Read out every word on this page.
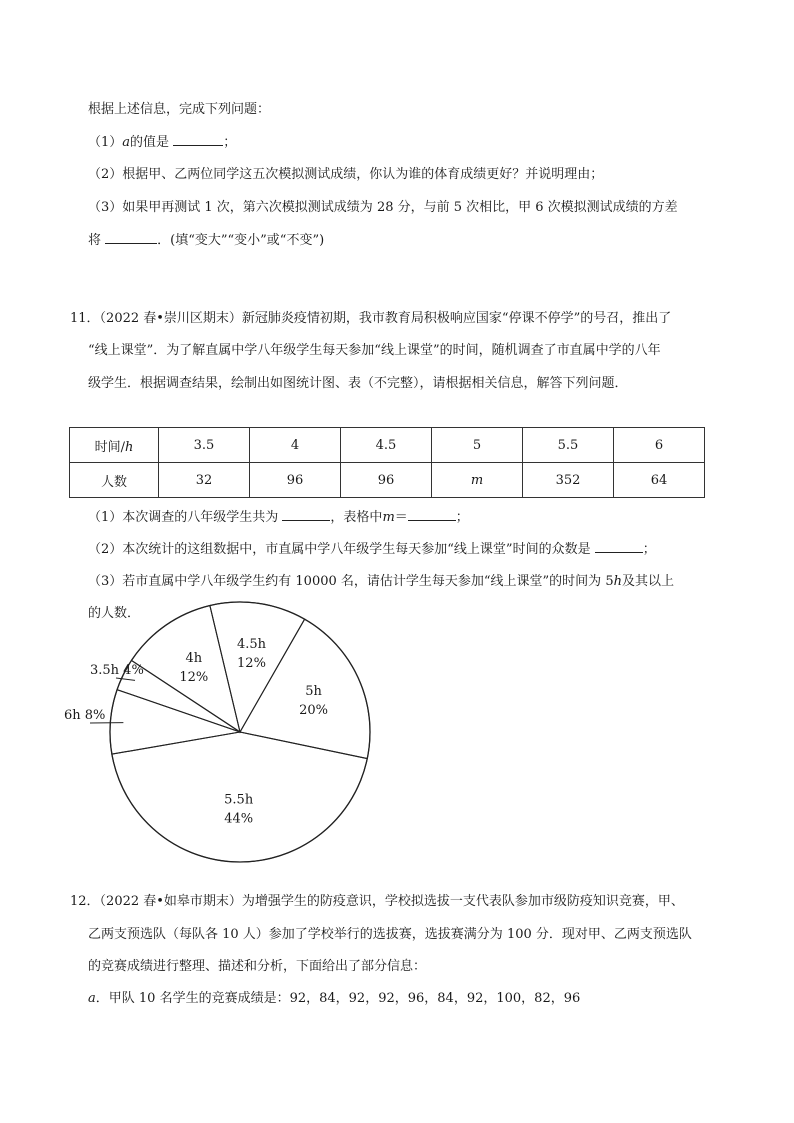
根据上述信息，完成下列问题：
（1）a的值是	；
（2）根据甲、乙两位同学这五次模拟测试成绩，你认为谁的体育成绩更好？并说明理由；
（3）如果甲再测试 1 次，第六次模拟测试成绩为 28 分，与前 5 次相比，甲 6 次模拟测试成绩的方差
将	．(填“变大”“变小”或“不变”)
11．（2022 春•崇川区期末）新冠肺炎疫情初期，我市教育局积极响应国家“停课不停学”的号召，推出了
“线上课堂”．为了解直属中学八年级学生每天参加“线上课堂”的时间，随机调查了市直属中学的八年
级学生．根据调查结果，绘制出如图统计图、表（不完整），请根据相关信息，解答下列问题．
时间/h	3.5	4	4.5	5	5.5	6
人数	32	96	96	m	352	64
（1）本次调查的八年级学生共为	，表格中m＝	；
（2）本次统计的这组数据中，市直属中学八年级学生每天参加“线上课堂”时间的众数是	；
（3）若市直属中学八年级学生约有 10000 名，请估计学生每天参加“线上课堂”的时间为 5h及其以上
的人数．
3.5h 4%
4h
12%
4.5h
12%
5h
20%
5.5h
44%
6h 8%
12．（2022 春•如皋市期末）为增强学生的防疫意识，学校拟选拔一支代表队参加市级防疫知识竞赛，甲、
乙两支预选队（每队各 10 人）参加了学校举行的选拔赛，选拔赛满分为 100 分．现对甲、乙两支预选队
的竞赛成绩进行整理、描述和分析，下面给出了部分信息：
a．甲队 10 名学生的竞赛成绩是：92，84，92，92，96，84，92，100，82，96
